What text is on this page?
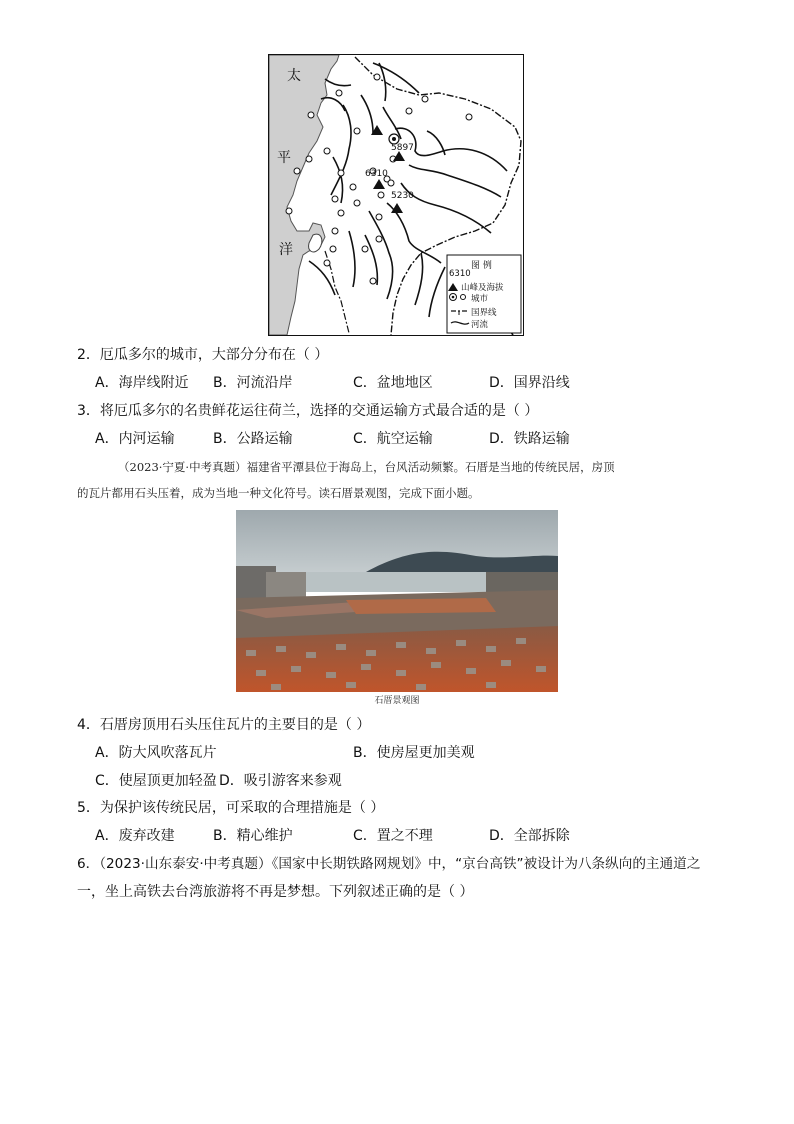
太
平
洋
5897
6310
5230
图 例
6310
山峰及海拔
城市
国界线
河流
2．厄瓜多尔的城市，大部分分布在（ ）
A．海岸线附近 B．河流沿岸	C．盆地地区	D．国界沿线
3．将厄瓜多尔的名贵鲜花运往荷兰，选择的交通运输方式最合适的是（ ）
A．内河运输	B．公路运输	C．航空运输	D．铁路运输
（2023·宁夏·中考真题）福建省平潭县位于海岛上，台风活动频繁。石厝是当地的传统民居，房顶
的瓦片都用石头压着，成为当地一种文化符号。读石厝景观图，完成下面小题。
石厝景观图
4．石厝房顶用石头压住瓦片的主要目的是（ ）
A．防大风吹落瓦片	B．使房屋更加美观
C．使屋顶更加轻盈 D．吸引游客来参观
5．为保护该传统民居，可采取的合理措施是（ ）
A．废弃改建	B．精心维护	C．置之不理	D．全部拆除
6．（2023·山东泰安·中考真题）《国家中长期铁路网规划》中，“京台高铁”被设计为八条纵向的主通道之
一，坐上高铁去台湾旅游将不再是梦想。下列叙述正确的是（ ）
